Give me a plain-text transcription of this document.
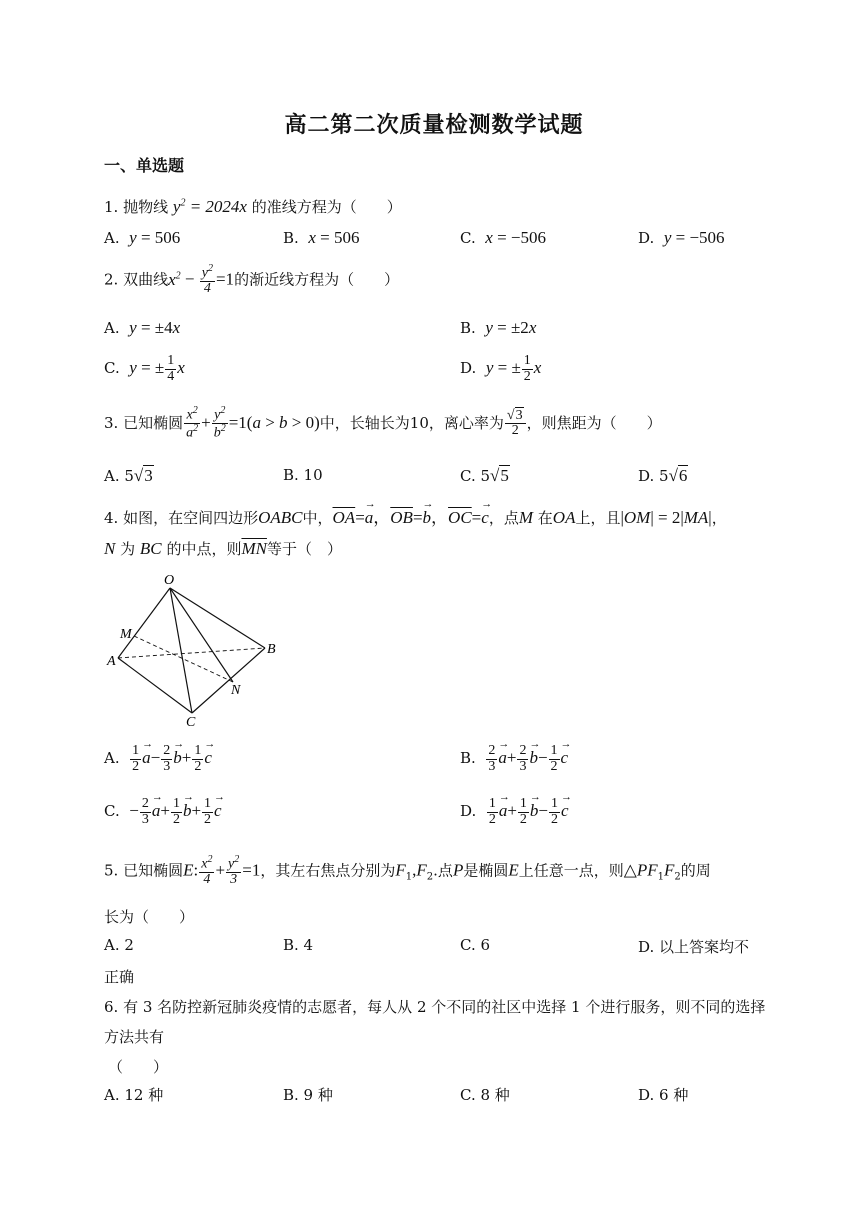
高二第二次质量检测数学试题
一、单选题
1. 抛物线 $y^2 = 2024x$ 的准线方程为（　　）
A. y = 506	B. x = 506	C. x = −506	D. y = −506
2. 双曲线$x^2 - \frac{y^2}{4} =1$的渐近线方程为（　　）
A. y = ±4x	B. y = ±2x
C. y = ± $\frac{1}{4}$ x	D. y = ± $\frac{1}{2}$ x
3. 已知椭圆 $\frac{x^2}{a^2} + \frac{y^2}{b^2} =1(a > b > 0)$中，长轴长为10，离心率为 $\frac{√3}{2}$ ，则焦距为（　　）
A. 5√3	B. 10	C. 5√5	D. 5√6
4. 如图，在空间四边形OABC中，$\overline{OA}=\to a$，$\overline{OB}=\to b$，$\overline{OC}=\to c$，点M 在OA上，且|OM| = 2|MA|，
N 为 BC 的中点，则$\overline{MN}$等于（　）
O
M
A
B
N
C
A. $\frac{1}{2} \to a- \frac{2}{3} \to b+ \frac{1}{2} \to c$	B. $\frac{2}{3} \to a+ \frac{2}{3} \to b- \frac{1}{2} \to c$
C. − $\frac{2}{3} \to a+ \frac{1}{2} \to b+ \frac{1}{2} \to c$	D. $\frac{1}{2} \to a+ \frac{1}{2} \to b- \frac{1}{2} \to c$
5. 已知椭圆E: $\frac{x^2}{4} + \frac{y^2}{3} =1$，其左右焦点分别为$F_1,F_2$.点P是椭圆E上任意一点，则$\triangle PF_1F_2$的周
长为（　　）
A. 2	B. 4	C. 6	D. 以上答案均不
正确
6. 有 3 名防控新冠肺炎疫情的志愿者，每人从 2 个不同的社区中选择 1 个进行服务，则不同的选择
方法共有
（　　）
A. 12 种	B. 9 种	C. 8 种	D. 6 种
